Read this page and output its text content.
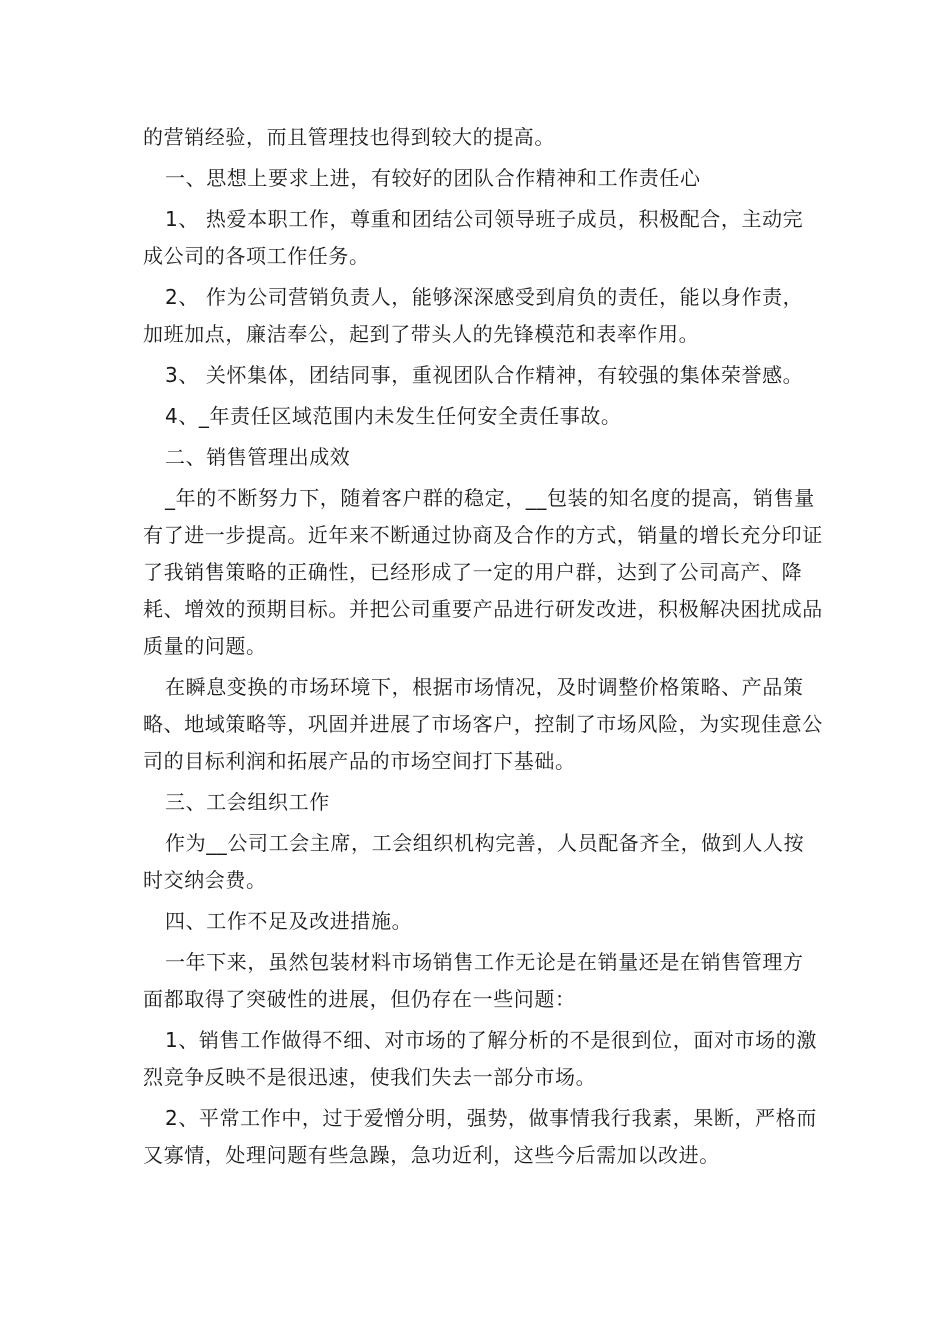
的营销经验，而且管理技也得到较大的提高。

一、思想上要求上进，有较好的团队合作精神和工作责任心

1、 热爱本职工作，尊重和团结公司领导班子成员，积极配合，主动完成公司的各项工作任务。

2、 作为公司营销负责人，能够深深感受到肩负的责任，能以身作责，加班加点，廉洁奉公，起到了带头人的先锋模范和表率作用。

3、 关怀集体，团结同事，重视团队合作精神，有较强的集体荣誉感。

4、_年责任区域范围内未发生任何安全责任事故。

二、销售管理出成效

_年的不断努力下，随着客户群的稳定，__包装的知名度的提高，销售量有了进一步提高。近年来不断通过协商及合作的方式，销量的增长充分印证了我销售策略的正确性，已经形成了一定的用户群，达到了公司高产、降耗、增效的预期目标。并把公司重要产品进行研发改进，积极解决困扰成品质量的问题。

在瞬息变换的市场环境下，根据市场情况，及时调整价格策略、产品策略、地域策略等，巩固并进展了市场客户，控制了市场风险，为实现佳意公司的目标利润和拓展产品的市场空间打下基础。

三、工会组织工作

作为__公司工会主席，工会组织机构完善，人员配备齐全，做到人人按时交纳会费。

四、工作不足及改进措施。

一年下来，虽然包装材料市场销售工作无论是在销量还是在销售管理方面都取得了突破性的进展，但仍存在一些问题：

1、销售工作做得不细、对市场的了解分析的不是很到位，面对市场的激烈竞争反映不是很迅速，使我们失去一部分市场。

2、平常工作中，过于爱憎分明，强势，做事情我行我素，果断，严格而又寡情，处理问题有些急躁，急功近利，这些今后需加以改进。
